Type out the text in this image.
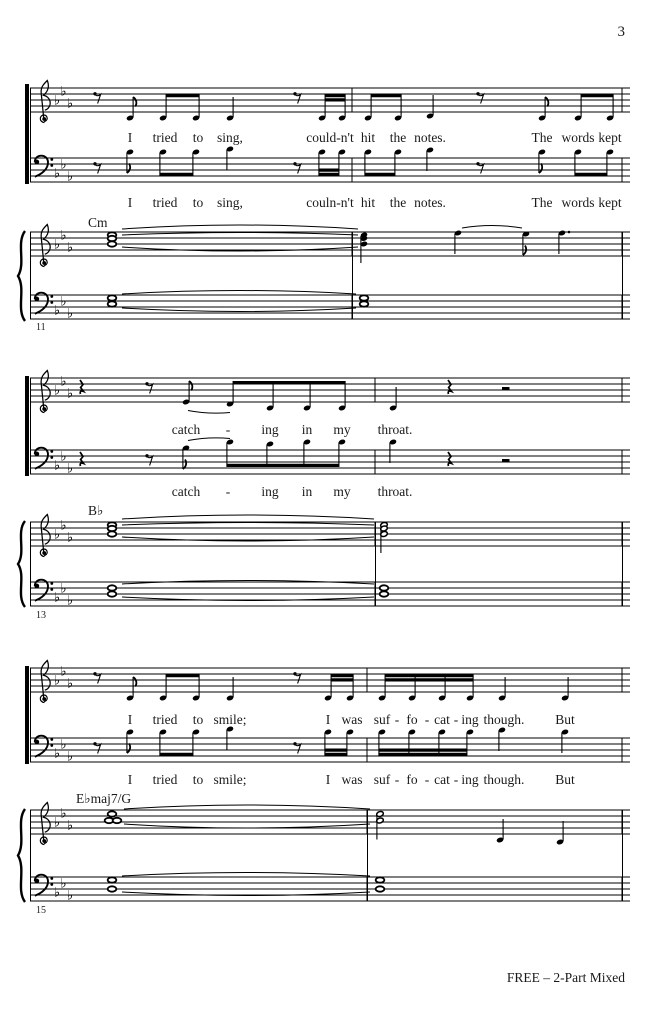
3
♭
♭
♭
I tried to sing,	could-n't hit the notes.	The words kept
♭
♭
♭
I tried to sing,	couln-n't hit the notes.	The words kept
Cm
♭
♭
♭
♭
♭
♭
11
♭
♭
♭
catch - ing in my throat.
♭
♭
♭
catch - ing in my throat.
B♭
♭
♭
♭
♭
♭
♭
13
♭
♭
♭
I tried to smile;	I was suf - fo - cat - ing though. But
♭
♭
♭
I tried to smile;	I was suf - fo - cat - ing though. But
E♭maj7/G
♭
♭
♭
♭
♭
♭
15
FREE – 2-Part Mixed
